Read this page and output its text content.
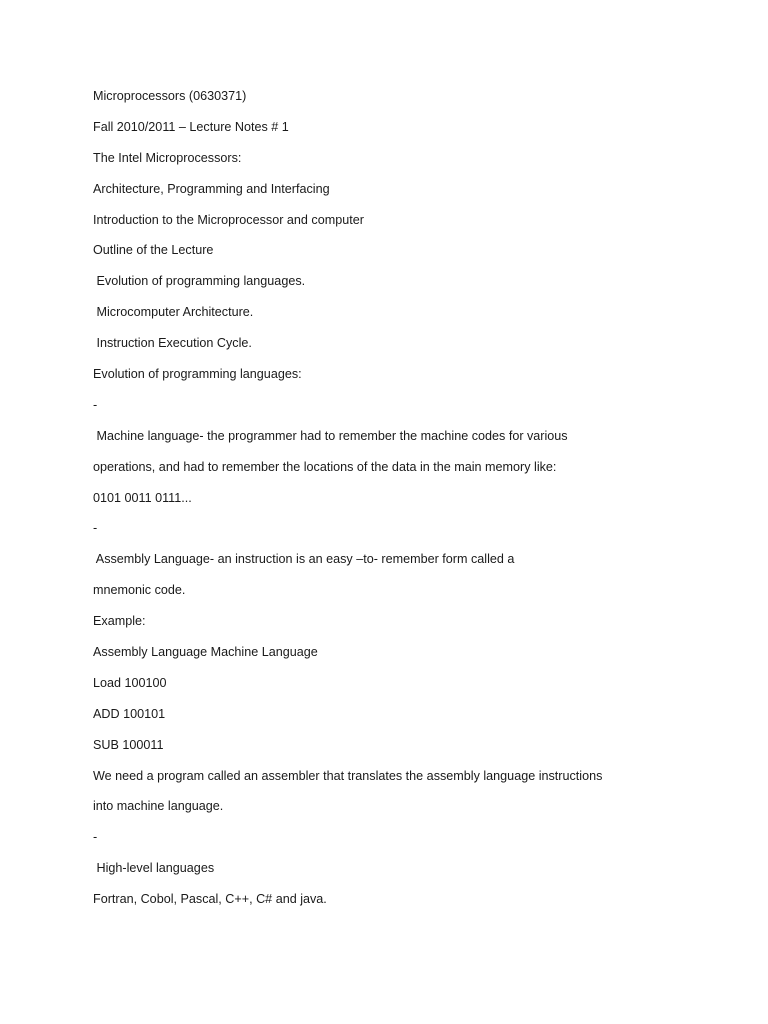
Microprocessors (0630371)
Fall 2010/2011 – Lecture Notes # 1
The Intel Microprocessors:
Architecture, Programming and Interfacing
Introduction to the Microprocessor and computer
Outline of the Lecture
Evolution of programming languages.
Microcomputer Architecture.
Instruction Execution Cycle.
Evolution of programming languages:
-
Machine language- the programmer had to remember the machine codes for various
operations, and had to remember the locations of the data in the main memory like:
0101 0011 0111...
-
Assembly Language- an instruction is an easy –to- remember form called a
mnemonic code.
Example:
Assembly Language Machine Language
Load 100100
ADD 100101
SUB 100011
We need a program called an assembler that translates the assembly language instructions
into machine language.
-
High-level languages
Fortran, Cobol, Pascal, C++, C# and java.
